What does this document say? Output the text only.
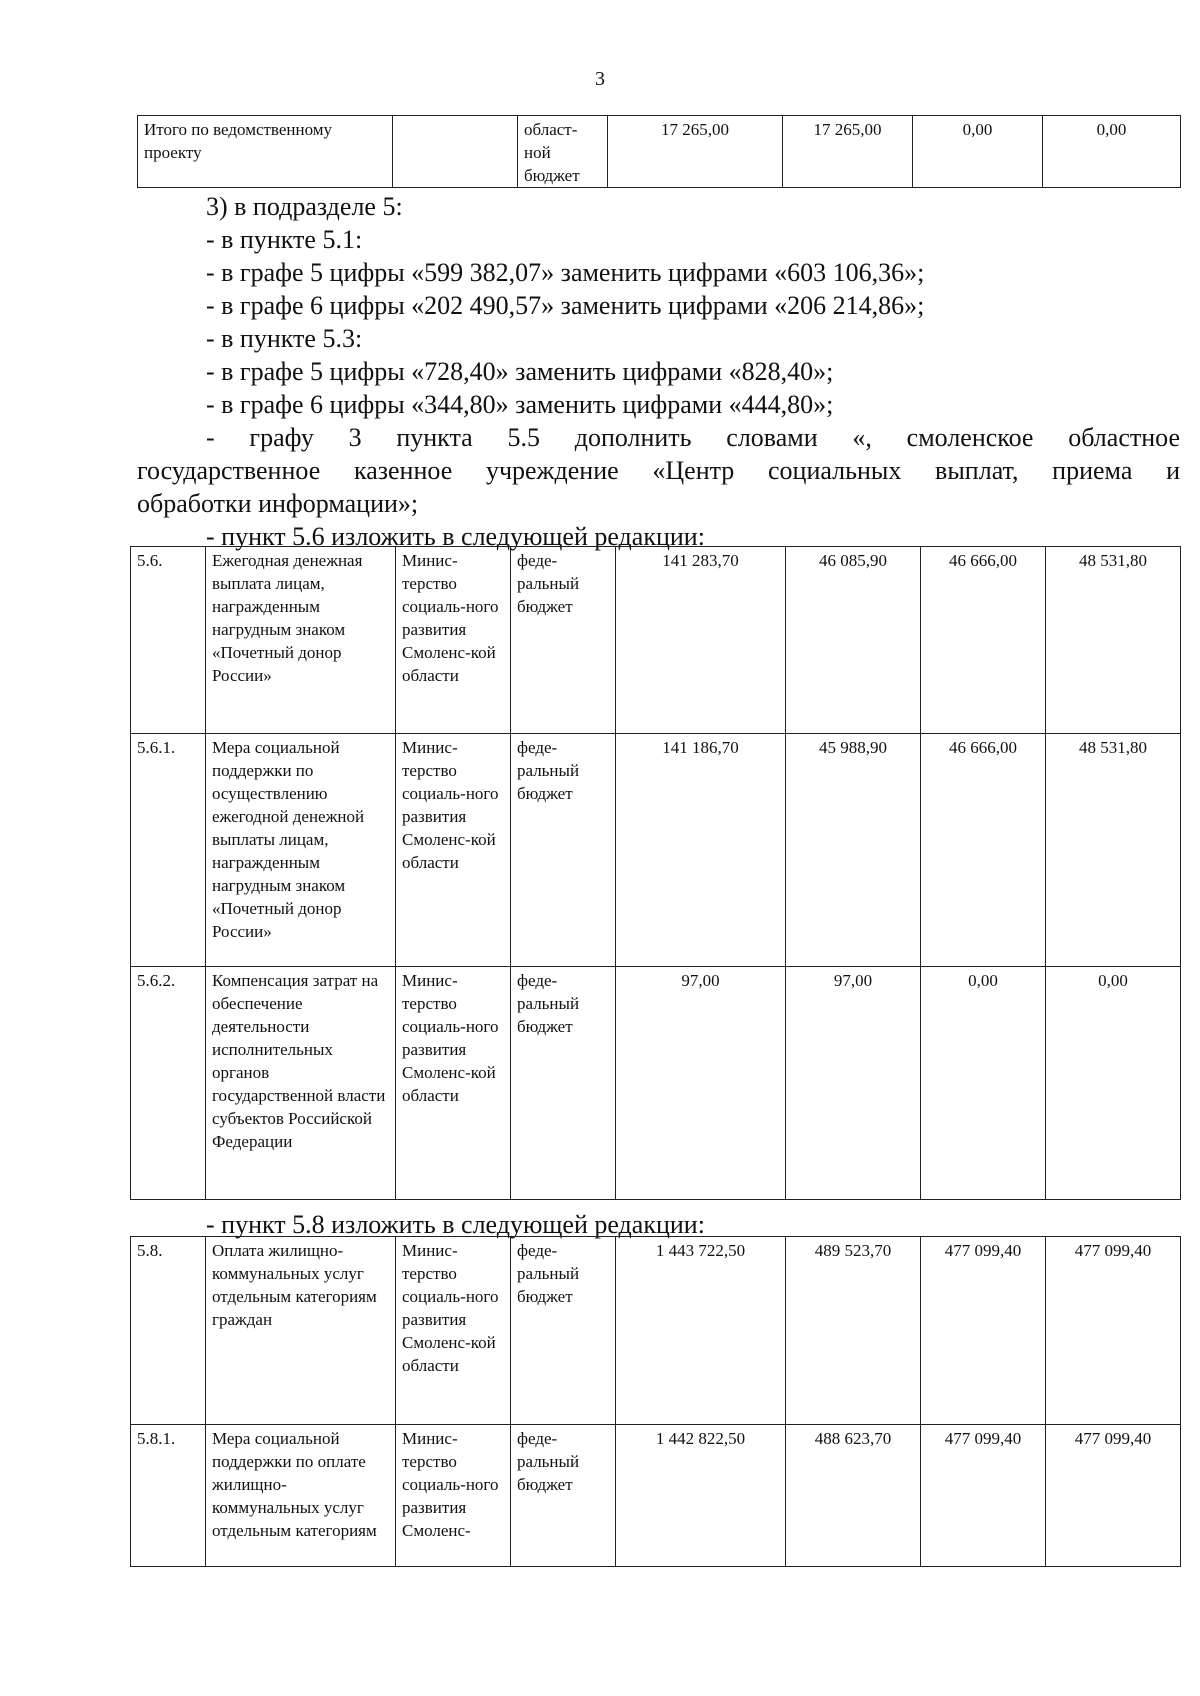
3
Итого по ведомственному проекту		област-ной бюджет	17 265,00	17 265,00	0,00	0,00
3) в подразделе 5:
- в пункте 5.1:
- в графе 5 цифры «599 382,07» заменить цифрами «603 106,36»;
- в графе 6 цифры «202 490,57» заменить цифрами «206 214,86»;
- в пункте 5.3:
- в графе 5 цифры «728,40» заменить цифрами «828,40»;
- в графе 6 цифры «344,80» заменить цифрами «444,80»;
- графу 3 пункта 5.5 дополнить словами «, смоленское областное
государственное казенное учреждение «Центр социальных выплат, приема и
обработки информации»;
- пункт 5.6 изложить в следующей редакции:
5.6.	Ежегодная денежная выплата лицам, награжденным нагрудным знаком «Почетный донор России»	Минис-терство социаль-ного развития Смоленс-кой области	феде-ральный бюджет	141 283,70	46 085,90	46 666,00	48 531,80
5.6.1.	Мера социальной поддержки по осуществлению ежегодной денежной выплаты лицам, награжденным нагрудным знаком «Почетный донор России»	Минис-терство социаль-ного развития Смоленс-кой области	феде-ральный бюджет	141 186,70	45 988,90	46 666,00	48 531,80
5.6.2.	Компенсация затрат на обеспечение деятельности исполнительных органов государственной власти субъектов Российской Федерации	Минис-терство социаль-ного развития Смоленс-кой области	феде-ральный бюджет	97,00	97,00	0,00	0,00
- пункт 5.8 изложить в следующей редакции:
5.8.	Оплата жилищно-коммунальных услуг отдельным категориям граждан	Минис-терство социаль-ного развития Смоленс-кой области	феде-ральный бюджет	1 443 722,50	489 523,70	477 099,40	477 099,40
5.8.1.	Мера социальной поддержки по оплате жилищно-коммунальных услуг отдельным категориям	Минис-терство социаль-ного развития Смоленс-	феде-ральный бюджет	1 442 822,50	488 623,70	477 099,40	477 099,40
